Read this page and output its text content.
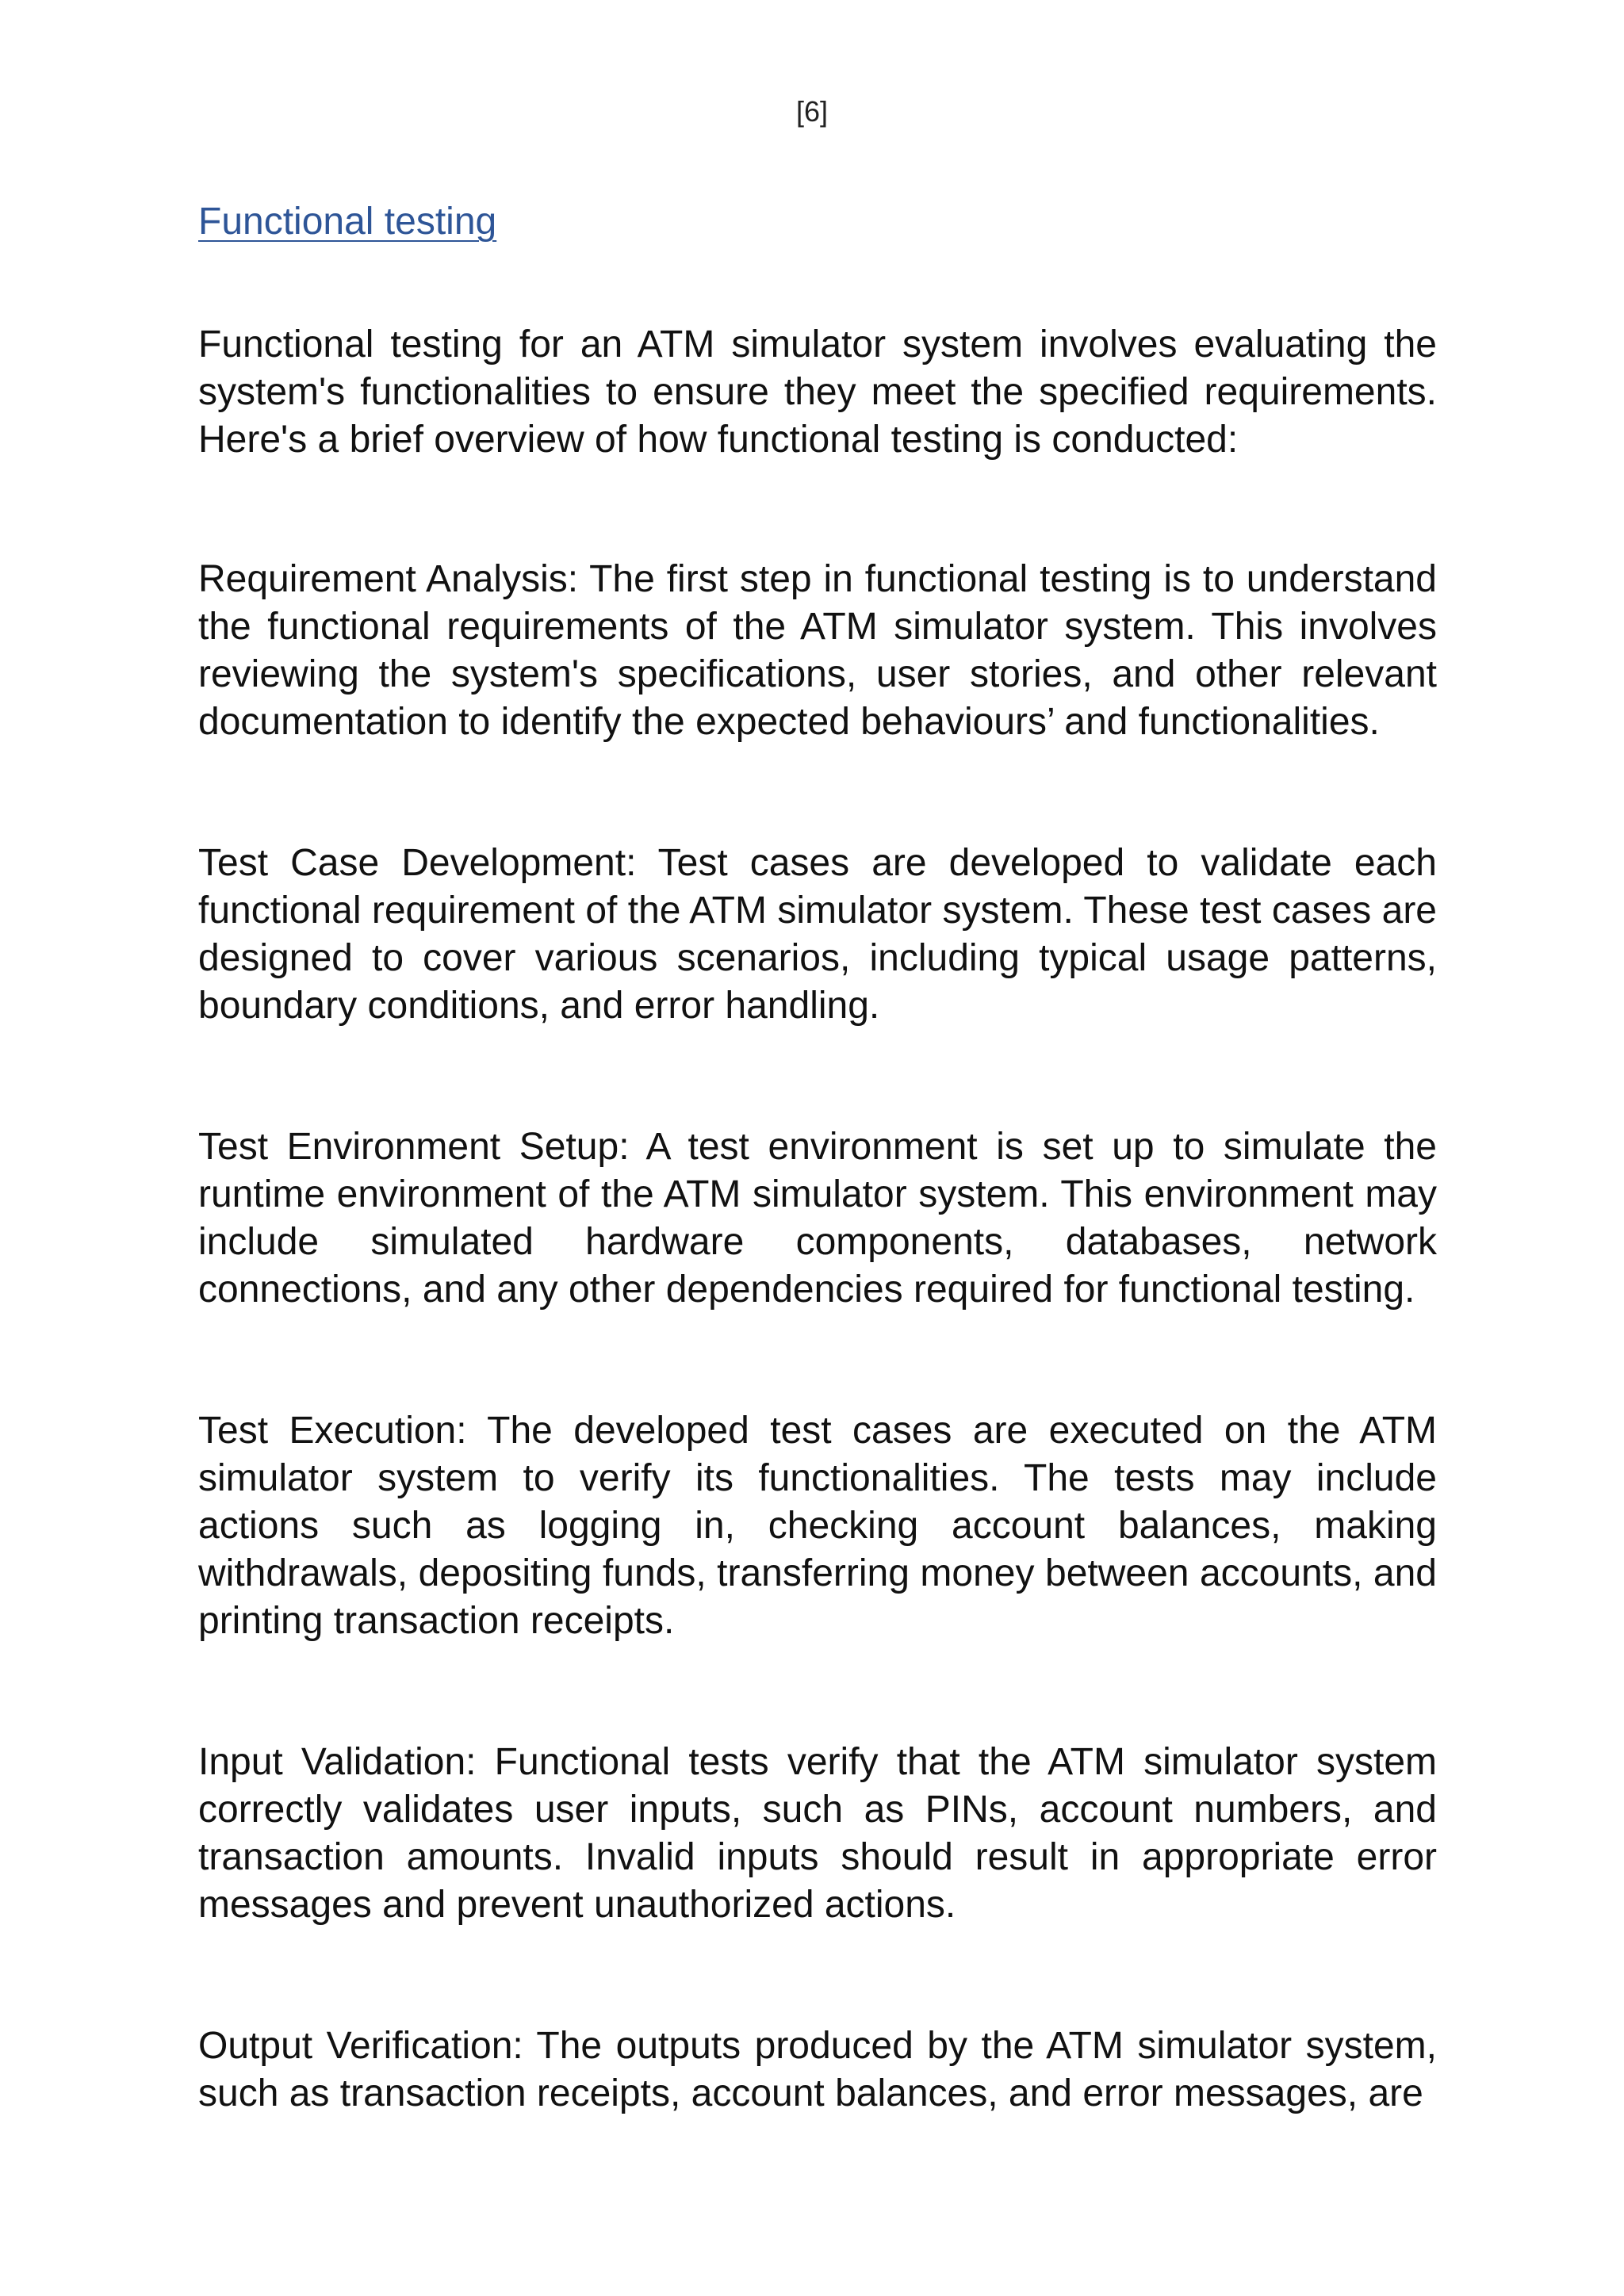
[6]
Functional testing

Functional testing for an ATM simulator system involves evaluating the system's functionalities to ensure they meet the specified requirements. Here's a brief overview of how functional testing is conducted:

Requirement Analysis: The first step in functional testing is to understand the functional requirements of the ATM simulator system. This involves reviewing the system's specifications, user stories, and other relevant documentation to identify the expected behaviours’ and functionalities.

Test Case Development: Test cases are developed to validate each functional requirement of the ATM simulator system. These test cases are designed to cover various scenarios, including typical usage patterns, boundary conditions, and error handling.

Test Environment Setup: A test environment is set up to simulate the runtime environment of the ATM simulator system. This environment may include simulated hardware components, databases, network connections, and any other dependencies required for functional testing.

Test Execution: The developed test cases are executed on the ATM simulator system to verify its functionalities. The tests may include actions such as logging in, checking account balances, making withdrawals, depositing funds, transferring money between accounts, and printing transaction receipts.

Input Validation: Functional tests verify that the ATM simulator system correctly validates user inputs, such as PINs, account numbers, and transaction amounts. Invalid inputs should result in appropriate error messages and prevent unauthorized actions.

Output Verification: The outputs produced by the ATM simulator system, such as transaction receipts, account balances, and error messages, are
